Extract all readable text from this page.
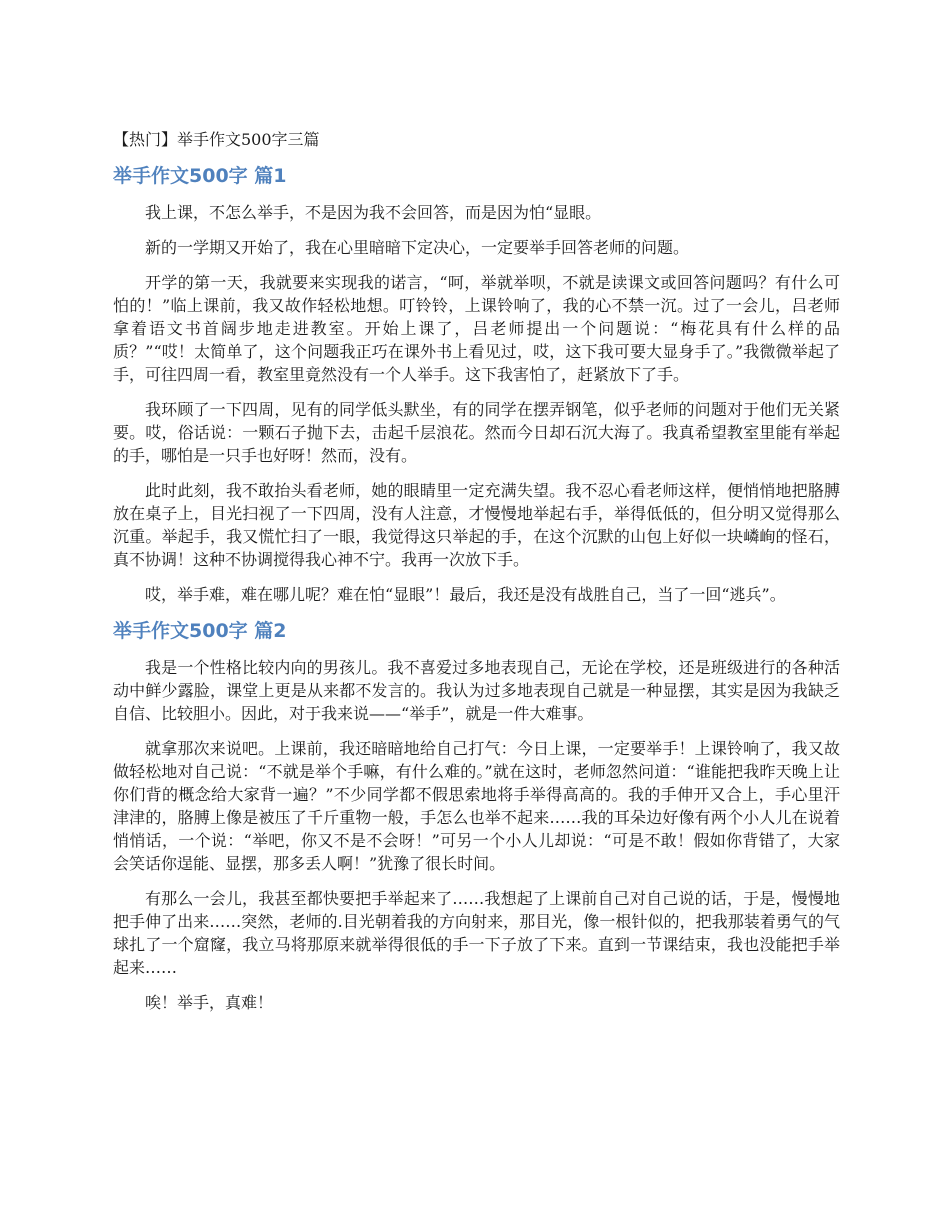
【热门】举手作文500字三篇
举手作文500字 篇1

我上课，不怎么举手，不是因为我不会回答，而是因为怕“显眼。

新的一学期又开始了，我在心里暗暗下定决心，一定要举手回答老师的问题。

开学的第一天，我就要来实现我的诺言，“呵，举就举呗，不就是读课文或回答问题吗？有什么可怕的！”临上课前，我又故作轻松地想。叮铃铃，上课铃响了，我的心不禁一沉。过了一会儿，吕老师拿着语文书首阔步地走进教室。开始上课了，吕老师提出一个问题说：“梅花具有什么样的品质？”“哎！太简单了，这个问题我正巧在课外书上看见过，哎，这下我可要大显身手了。”我微微举起了手，可往四周一看，教室里竟然没有一个人举手。这下我害怕了，赶紧放下了手。

我环顾了一下四周，见有的同学低头默坐，有的同学在摆弄钢笔，似乎老师的问题对于他们无关紧要。哎，俗话说：一颗石子抛下去，击起千层浪花。然而今日却石沉大海了。我真希望教室里能有举起的手，哪怕是一只手也好呀！然而，没有。

此时此刻，我不敢抬头看老师，她的眼睛里一定充满失望。我不忍心看老师这样，便悄悄地把胳膊放在桌子上，目光扫视了一下四周，没有人注意，才慢慢地举起右手，举得低低的，但分明又觉得那么沉重。举起手，我又慌忙扫了一眼，我觉得这只举起的手，在这个沉默的山包上好似一块嶙峋的怪石，真不协调！这种不协调搅得我心神不宁。我再一次放下手。

哎，举手难，难在哪儿呢？难在怕“显眼”！最后，我还是没有战胜自己，当了一回“逃兵”。

举手作文500字 篇2

我是一个性格比较内向的男孩儿。我不喜爱过多地表现自己，无论在学校，还是班级进行的各种活动中鲜少露脸，课堂上更是从来都不发言的。我认为过多地表现自己就是一种显摆，其实是因为我缺乏自信、比较胆小。因此，对于我来说——“举手”，就是一件大难事。

就拿那次来说吧。上课前，我还暗暗地给自己打气：今日上课，一定要举手！上课铃响了，我又故做轻松地对自己说：“不就是举个手嘛，有什么难的。”就在这时，老师忽然问道：“谁能把我昨天晚上让你们背的概念给大家背一遍？”不少同学都不假思索地将手举得高高的。我的手伸开又合上，手心里汗津津的，胳膊上像是被压了千斤重物一般，手怎么也举不起来……我的耳朵边好像有两个小人儿在说着悄悄话，一个说：“举吧，你又不是不会呀！”可另一个小人儿却说：“可是不敢！假如你背错了，大家会笑话你逞能、显摆，那多丢人啊！”犹豫了很长时间。

有那么一会儿，我甚至都快要把手举起来了……我想起了上课前自己对自己说的话，于是，慢慢地把手伸了出来……突然，老师的.目光朝着我的方向射来，那目光，像一根针似的，把我那装着勇气的气球扎了一个窟窿，我立马将那原来就举得很低的手一下子放了下来。直到一节课结束，我也没能把手举起来……

唉！举手，真难！
